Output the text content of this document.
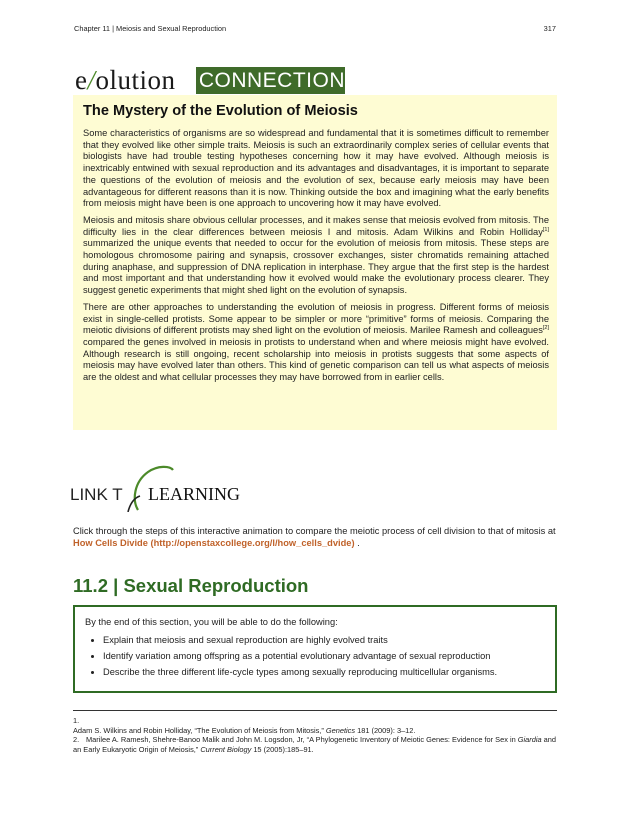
Chapter 11 | Meiosis and Sexual Reproduction	317
e/olution	CONNECTION
The Mystery of the Evolution of Meiosis

Some characteristics of organisms are so widespread and fundamental that it is sometimes difficult to remember that they evolved like other simple traits. Meiosis is such an extraordinarily complex series of cellular events that biologists have had trouble testing hypotheses concerning how it may have evolved. Although meiosis is inextricably entwined with sexual reproduction and its advantages and disadvantages, it is important to separate the questions of the evolution of meiosis and the evolution of sex, because early meiosis may have been advantageous for different reasons than it is now. Thinking outside the box and imagining what the early benefits from meiosis might have been is one approach to uncovering how it may have evolved.

Meiosis and mitosis share obvious cellular processes, and it makes sense that meiosis evolved from mitosis. The difficulty lies in the clear differences between meiosis I and mitosis. Adam Wilkins and Robin Holliday[1] summarized the unique events that needed to occur for the evolution of meiosis from mitosis. These steps are homologous chromosome pairing and synapsis, crossover exchanges, sister chromatids remaining attached during anaphase, and suppression of DNA replication in interphase. They argue that the first step is the hardest and most important and that understanding how it evolved would make the evolutionary process clearer. They suggest genetic experiments that might shed light on the evolution of synapsis.

There are other approaches to understanding the evolution of meiosis in progress. Different forms of meiosis exist in single-celled protists. Some appear to be simpler or more “primitive” forms of meiosis. Comparing the meiotic divisions of different protists may shed light on the evolution of meiosis. Marilee Ramesh and colleagues[2] compared the genes involved in meiosis in protists to understand when and where meiosis might have evolved. Although research is still ongoing, recent scholarship into meiosis in protists suggests that some aspects of meiosis may have evolved later than others. This kind of genetic comparison can tell us what aspects of meiosis are the oldest and what cellular processes they may have borrowed from in earlier cells.

LINK T LEARNING
Click through the steps of this interactive animation to compare the meiotic process of cell division to that of mitosis at How Cells Divide (http://openstaxcollege.org/l/how_cells_dvide) .
11.2 | Sexual Reproduction
By the end of this section, you will be able to do the following:
• Explain that meiosis and sexual reproduction are highly evolved traits
• Identify variation among offspring as a potential evolutionary advantage of sexual reproduction
• Describe the three different life-cycle types among sexually reproducing multicellular organisms.
1.
Adam S. Wilkins and Robin Holliday, “The Evolution of Meiosis from Mitosis,” Genetics 181 (2009): 3–12.
2. Marilee A. Ramesh, Shehre-Banoo Malik and John M. Logsdon, Jr, “A Phylogenetic Inventory of Meiotic Genes: Evidence for Sex in Giardia and an Early Eukaryotic Origin of Meiosis,” Current Biology 15 (2005):185–91.
